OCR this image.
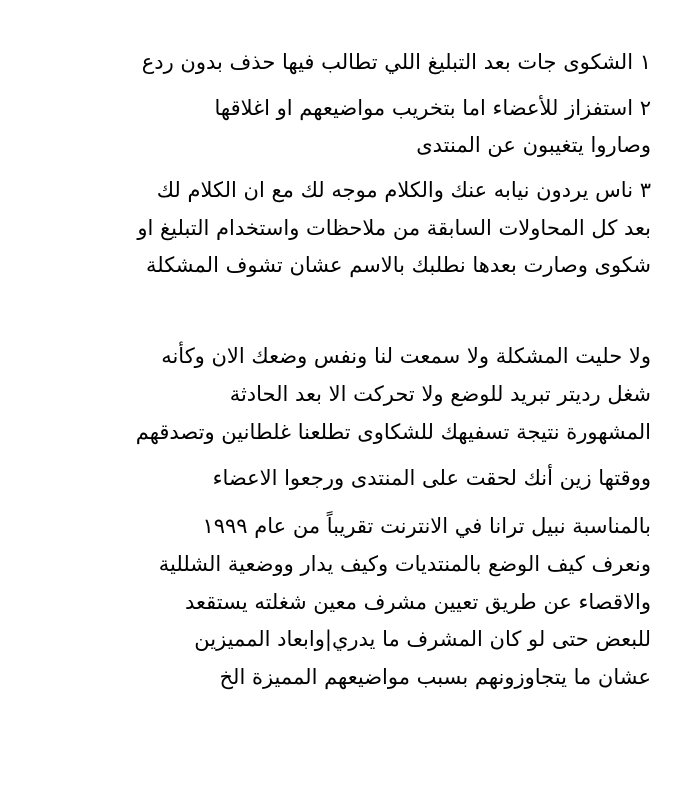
١ الشكوى جات بعد التبليغ اللي تطالب فيها حذف بدون ردع
٢ استفزاز للأعضاء اما بتخريب مواضيعهم او اغلاقها
وصاروا يتغيبون عن المنتدى
٣ ناس يردون نيابه عنك والكلام موجه لك مع ان الكلام لك
بعد كل المحاولات السابقة من ملاحظات واستخدام التبليغ او
شكوى وصارت بعدها نطلبك بالاسم عشان تشوف المشكلة
ولا حليت المشكلة ولا سمعت لنا ونفس وضعك الان وكأنه
شغل رديتر تبريد للوضع ولا تحركت الا بعد الحادثة
المشهورة نتيجة تسفيهك للشكاوى تطلعنا غلطانين وتصدقهم
ووقتها زين أنك لحقت على المنتدى ورجعوا الاعضاء
بالمناسبة نبيل ترانا في الانترنت تقريباً من عام ١٩٩٩
ونعرف كيف الوضع بالمنتديات وكيف يدار ووضعية الشللية
والاقصاء عن طريق تعيين مشرف معين شغلته يستقعد
للبعض حتى لو كان المشرف ما يدري|وابعاد المميزين
عشان ما يتجاوزونهم بسبب مواضيعهم المميزة الخ
